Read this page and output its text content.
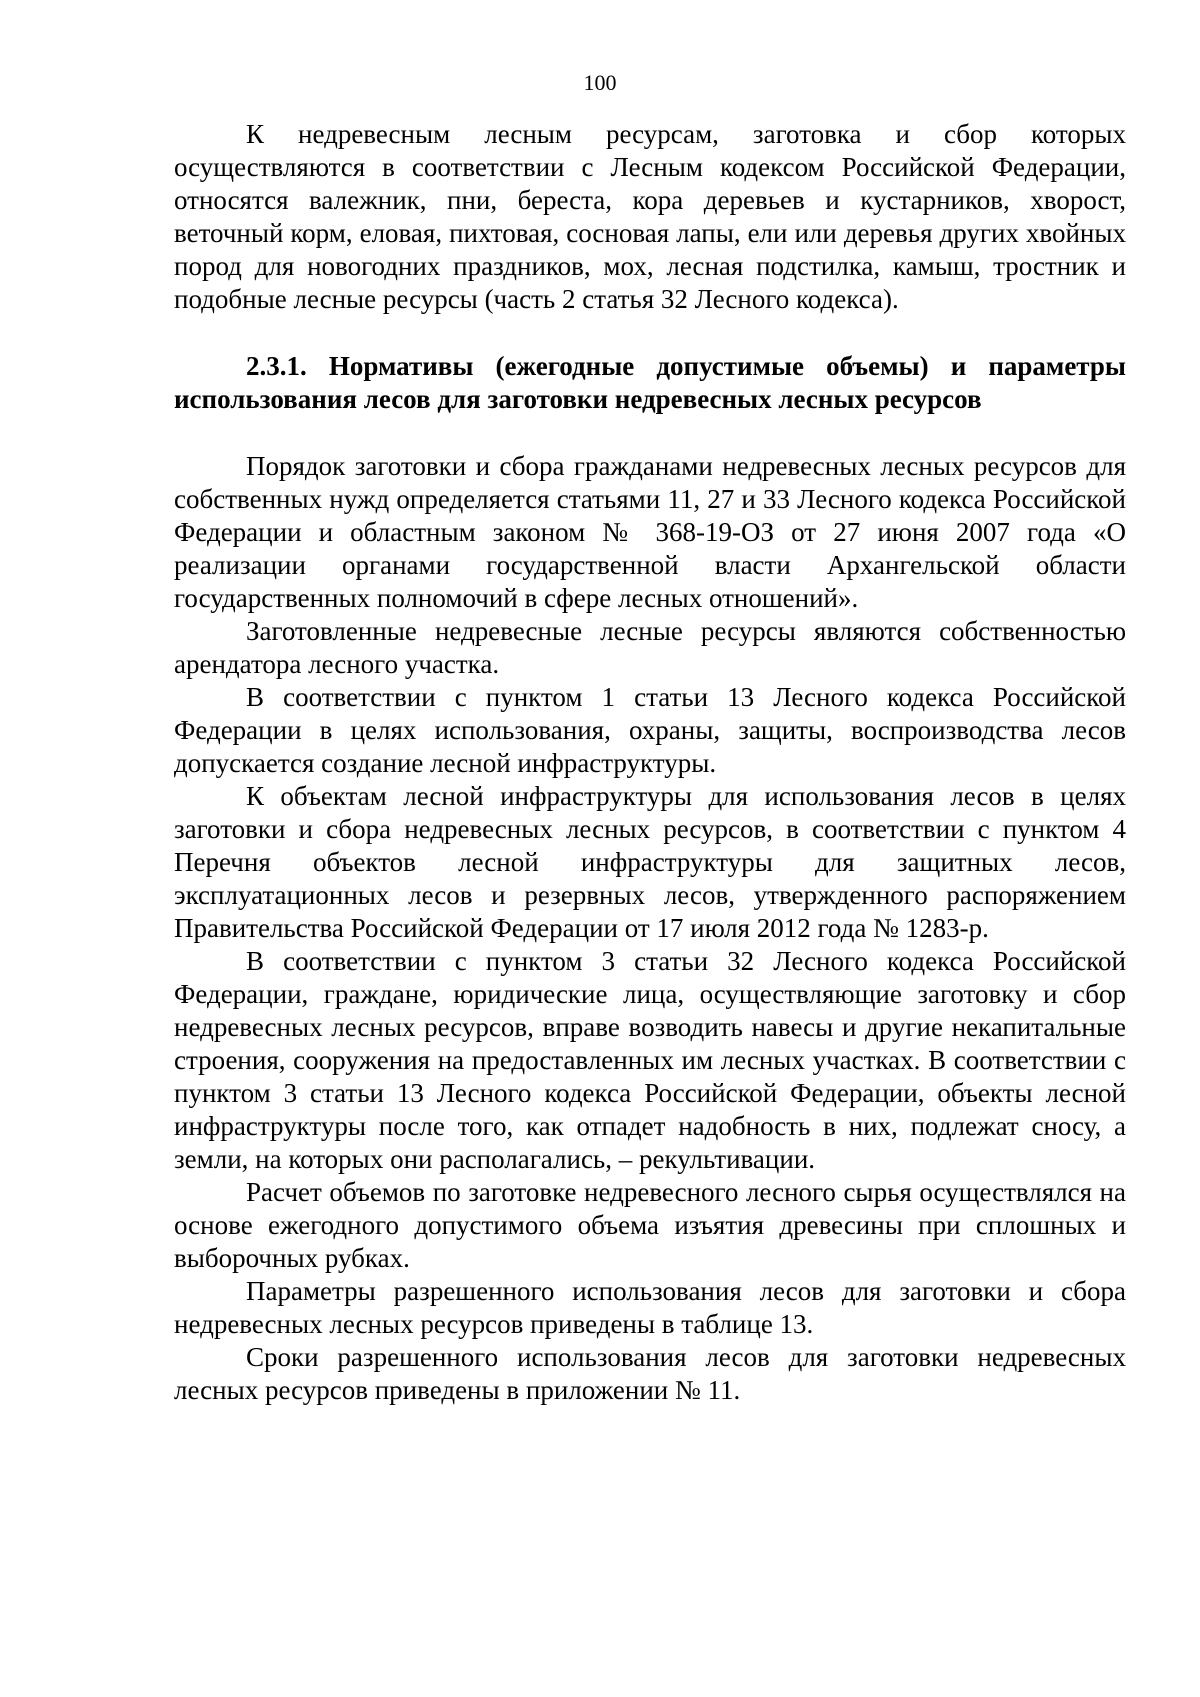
100

К недревесным лесным ресурсам, заготовка и сбор которых осуществляются в соответствии с Лесным кодексом Российской Федерации, относятся валежник, пни, береста, кора деревьев и кустарников, хворост, веточный корм, еловая, пихтовая, сосновая лапы, ели или деревья других хвойных пород для новогодних праздников, мох, лесная подстилка, камыш, тростник и подобные лесные ресурсы (часть 2 статья 32 Лесного кодекса).

2.3.1. Нормативы (ежегодные допустимые объемы) и параметры использования лесов для заготовки недревесных лесных ресурсов

Порядок заготовки и сбора гражданами недревесных лесных ресурсов для собственных нужд определяется статьями 11, 27 и 33 Лесного кодекса Российской Федерации и областным законом № 368-19-ОЗ от 27 июня 2007 года «О реализации органами государственной власти Архангельской области государственных полномочий в сфере лесных отношений».

Заготовленные недревесные лесные ресурсы являются собственностью арендатора лесного участка.

В соответствии с пунктом 1 статьи 13 Лесного кодекса Российской Федерации в целях использования, охраны, защиты, воспроизводства лесов допускается создание лесной инфраструктуры.

К объектам лесной инфраструктуры для использования лесов в целях заготовки и сбора недревесных лесных ресурсов, в соответствии с пунктом 4 Перечня объектов лесной инфраструктуры для защитных лесов, эксплуатационных лесов и резервных лесов, утвержденного распоряжением Правительства Российской Федерации от 17 июля 2012 года № 1283-р.

В соответствии с пунктом 3 статьи 32 Лесного кодекса Российской Федерации, граждане, юридические лица, осуществляющие заготовку и сбор недревесных лесных ресурсов, вправе возводить навесы и другие некапитальные строения, сооружения на предоставленных им лесных участках. В соответствии с пунктом 3 статьи 13 Лесного кодекса Российской Федерации, объекты лесной инфраструктуры после того, как отпадет надобность в них, подлежат сносу, а земли, на которых они располагались, – рекультивации.

Расчет объемов по заготовке недревесного лесного сырья осуществлялся на основе ежегодного допустимого объема изъятия древесины при сплошных и выборочных рубках.

Параметры разрешенного использования лесов для заготовки и сбора недревесных лесных ресурсов приведены в таблице 13.

Сроки разрешенного использования лесов для заготовки недревесных лесных ресурсов приведены в приложении № 11.
